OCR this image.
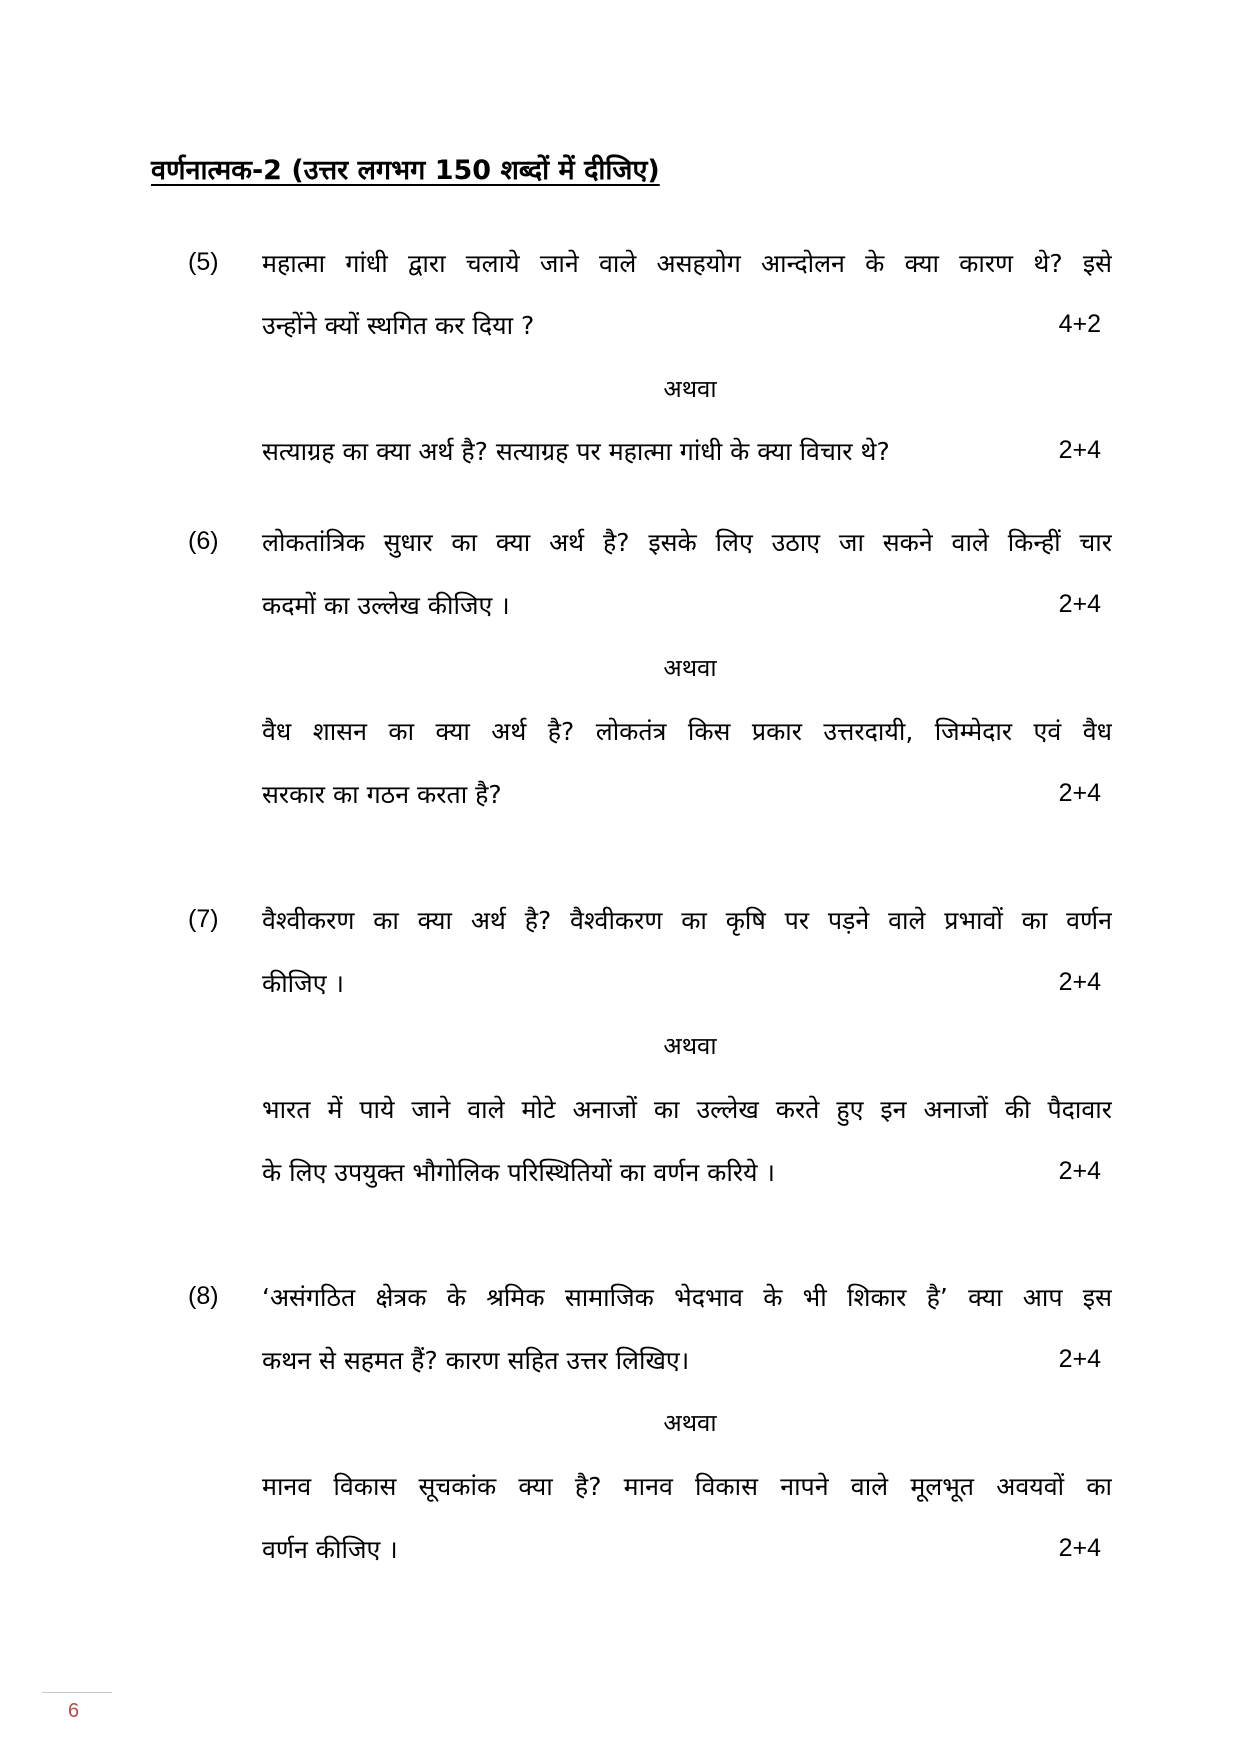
वर्णनात्मक-2 (उत्तर लगभग 150 शब्दों में दीजिए)
(5) महात्मा गांधी द्वारा चलाये जाने वाले असहयोग आन्दोलन के क्या कारण थे? इसे
उन्होंने क्यों स्थगित कर दिया ?	4+2
अथवा
सत्याग्रह का क्या अर्थ है? सत्याग्रह पर महात्मा गांधी के क्या विचार थे?	2+4
(6) लोकतांत्रिक सुधार का क्या अर्थ है? इसके लिए उठाए जा सकने वाले किन्हीं चार
कदमों का उल्लेख कीजिए ।	2+4
अथवा
वैध शासन का क्या अर्थ है? लोकतंत्र किस प्रकार उत्तरदायी, जिम्मेदार एवं वैध
सरकार का गठन करता है?	2+4
(7) वैश्वीकरण का क्या अर्थ है? वैश्वीकरण का कृषि पर पड़ने वाले प्रभावों का वर्णन
कीजिए ।	2+4
अथवा
भारत में पाये जाने वाले मोटे अनाजों का उल्लेख करते हुए इन अनाजों की पैदावार
के लिए उपयुक्त भौगोलिक परिस्थितियों का वर्णन करिये ।	2+4
(8) ‘असंगठित क्षेत्रक के श्रमिक सामाजिक भेदभाव के भी शिकार है’ क्या आप इस
कथन से सहमत हैं? कारण सहित उत्तर लिखिए।	2+4
अथवा
मानव विकास सूचकांक क्या है? मानव विकास नापने वाले मूलभूत अवयवों का
वर्णन कीजिए ।	2+4
6
